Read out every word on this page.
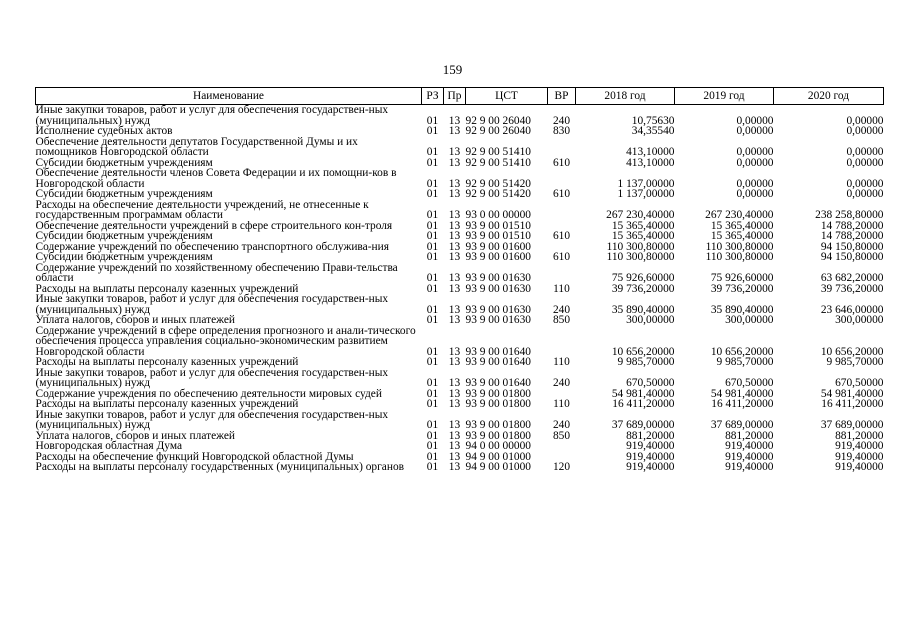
159
Наименование	РЗ	Пр	ЦСТ	ВР	2018 год	2019 год	2020 год
Иные закупки товаров, работ и услуг для обеспечения государствен-ных (муниципальных) нужд	01	13	92 9 00 26040	240	10,75630	0,00000	0,00000
Исполнение судебных актов	01	13	92 9 00 26040	830	34,35540	0,00000	0,00000
Обеспечение деятельности депутатов Государственной Думы и их помощников Новгородской области	01	13	92 9 00 51410		413,10000	0,00000	0,00000
Субсидии бюджетным учреждениям	01	13	92 9 00 51410	610	413,10000	0,00000	0,00000
Обеспечение деятельности членов Совета Федерации и их помощни-ков в Новгородской области	01	13	92 9 00 51420		1 137,00000	0,00000	0,00000
Субсидии бюджетным учреждениям	01	13	92 9 00 51420	610	1 137,00000	0,00000	0,00000
Расходы на обеспечение деятельности учреждений, не отнесенные к государственным программам области	01	13	93 0 00 00000		267 230,40000	267 230,40000	238 258,80000
Обеспечение деятельности учреждений в сфере строительного кон-троля	01	13	93 9 00 01510		15 365,40000	15 365,40000	14 788,20000
Субсидии бюджетным учреждениям	01	13	93 9 00 01510	610	15 365,40000	15 365,40000	14 788,20000
Содержание учреждений по обеспечению транспортного обслужива-ния	01	13	93 9 00 01600		110 300,80000	110 300,80000	94 150,80000
Субсидии бюджетным учреждениям	01	13	93 9 00 01600	610	110 300,80000	110 300,80000	94 150,80000
Содержание учреждений по хозяйственному обеспечению Прави-тельства области	01	13	93 9 00 01630		75 926,60000	75 926,60000	63 682,20000
Расходы на выплаты персоналу казенных учреждений	01	13	93 9 00 01630	110	39 736,20000	39 736,20000	39 736,20000
Иные закупки товаров, работ и услуг для обеспечения государствен-ных (муниципальных) нужд	01	13	93 9 00 01630	240	35 890,40000	35 890,40000	23 646,00000
Уплата налогов, сборов и иных платежей	01	13	93 9 00 01630	850	300,00000	300,00000	300,00000
Содержание учреждений в сфере определения прогнозного и анали-тического обеспечения процесса управления социально-экономическим развитием Новгородской области	01	13	93 9 00 01640		10 656,20000	10 656,20000	10 656,20000
Расходы на выплаты персоналу казенных учреждений	01	13	93 9 00 01640	110	9 985,70000	9 985,70000	9 985,70000
Иные закупки товаров, работ и услуг для обеспечения государствен-ных (муниципальных) нужд	01	13	93 9 00 01640	240	670,50000	670,50000	670,50000
Содержание учреждения по обеспечению деятельности мировых судей	01	13	93 9 00 01800		54 981,40000	54 981,40000	54 981,40000
Расходы на выплаты персоналу казенных учреждений	01	13	93 9 00 01800	110	16 411,20000	16 411,20000	16 411,20000
Иные закупки товаров, работ и услуг для обеспечения государствен-ных (муниципальных) нужд	01	13	93 9 00 01800	240	37 689,00000	37 689,00000	37 689,00000
Уплата налогов, сборов и иных платежей	01	13	93 9 00 01800	850	881,20000	881,20000	881,20000
Новгородская областная Дума	01	13	94 0 00 00000		919,40000	919,40000	919,40000
Расходы на обеспечение функций Новгородской областной Думы	01	13	94 9 00 01000		919,40000	919,40000	919,40000
Расходы на выплаты персоналу государственных (муниципальных) органов	01	13	94 9 00 01000	120	919,40000	919,40000	919,40000
